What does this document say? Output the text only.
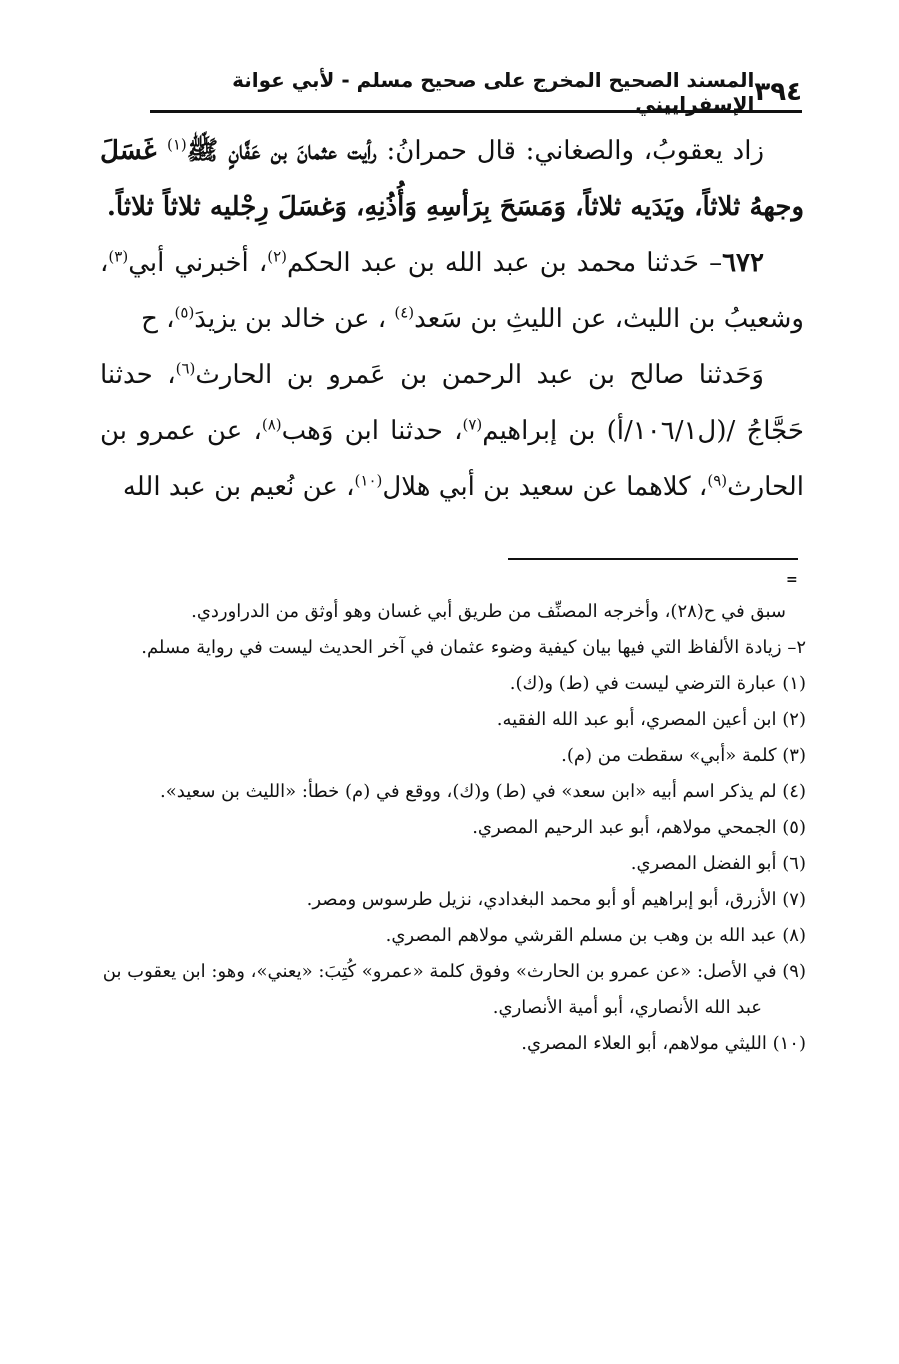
٣٩٤
المسند الصحيح المخرج على صحيح مسلم - لأبي عوانة الإسفراييني

زاد يعقوبُ، والصغاني: قال حمرانُ: رأيت عثمانَ بن عَفَّانٍ ﷺ$^{(١)}$ غَسَلَ وجههُ ثلاثاً، ويَدَيه ثلاثاً، وَمَسَحَ بِرَأسِهِ وَأُذُنِهِ، وَغسَلَ رِجْليه ثلاثاً ثلاثاً.

٦٧٢– حَدثنا محمد بن عبد الله بن عبد الحكم$^{(٢)}$، أخبرني أبي$^{(٣)}$، وشعيبُ بن الليث، عن الليثِ بن سَعد$^{(٤)}$ ، عن خالد بن يزيدَ$^{(٥)}$، ح

وَحَدثنا صالح بن عبد الرحمن بن عَمرو بن الحارث$^{(٦)}$، حدثنا حَجَّاجُ /(ل١٠٦/١/أ) بن إبراهيم$^{(٧)}$، حدثنا ابن وَهب$^{(٨)}$، عن عمرو بن الحارث$^{(٩)}$، كلاهما عن سعيد بن أبي هلال$^{(١٠)}$، عن نُعيم بن عبد الله

=

سبق في ح(٢٨)، وأخرجه المصنِّف من طريق أبي غسان وهو أوثق من الدراوردي.

٢– زيادة الألفاظ التي فيها بيان كيفية وضوء عثمان في آخر الحديث ليست في رواية مسلم.

(١) عبارة الترضي ليست في (ط) و(ك).

(٢) ابن أعين المصري، أبو عبد الله الفقيه.

(٣) كلمة «أبي» سقطت من (م).

(٤) لم يذكر اسم أبيه «ابن سعد» في (ط) و(ك)، ووقع في (م) خطأ: «الليث بن سعيد».

(٥) الجمحي مولاهم، أبو عبد الرحيم المصري.

(٦) أبو الفضل المصري.

(٧) الأزرق، أبو إبراهيم أو أبو محمد البغدادي، نزيل طرسوس ومصر.

(٨) عبد الله بن وهب بن مسلم القرشي مولاهم المصري.

(٩) في الأصل: «عن عمرو بن الحارث» وفوق كلمة «عمرو» كُتِبَ: «يعني»، وهو: ابن يعقوب بن عبد الله الأنصاري، أبو أمية الأنصاري.

(١٠) الليثي مولاهم، أبو العلاء المصري.
